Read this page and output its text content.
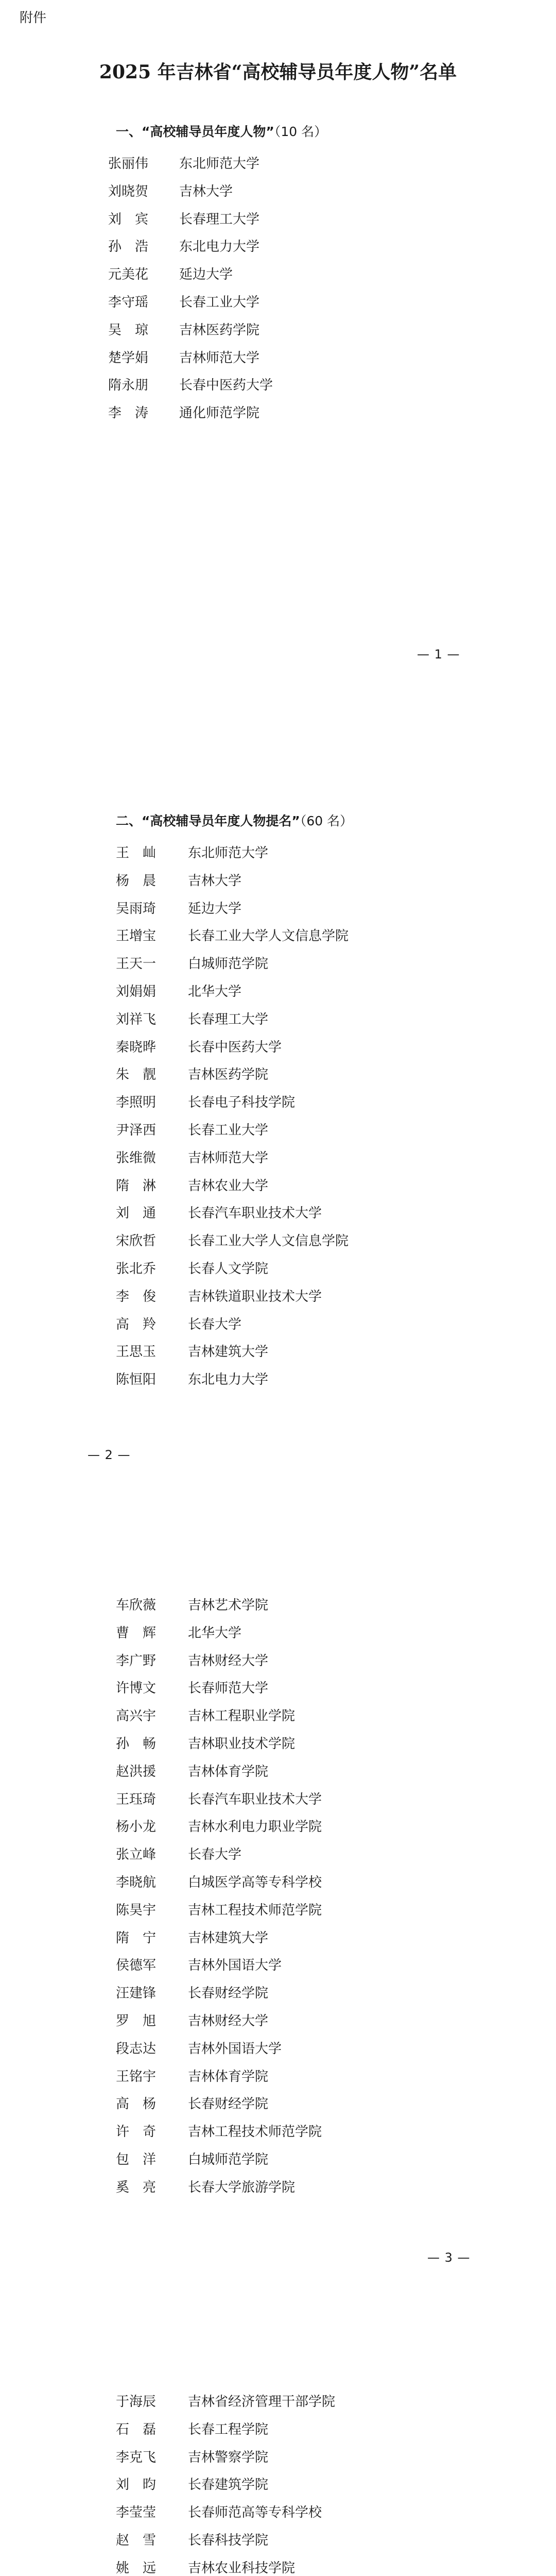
附件
2025 年吉林省“高校辅导员年度人物”名单
一、“高校辅导员年度人物”（10 名）
张丽伟 东北师范大学
刘晓贺 吉林大学
刘　宾 长春理工大学
孙　浩 东北电力大学
元美花 延边大学
李守瑶 长春工业大学
吴　琼 吉林医药学院
楚学娟 吉林师范大学
隋永朋 长春中医药大学
李　涛 通化师范学院
— 1 —
二、“高校辅导员年度人物提名”（60 名）
王　屾 东北师范大学
杨　晨 吉林大学
吴雨琦 延边大学
王增宝 长春工业大学人文信息学院
王天一 白城师范学院
刘娟娟 北华大学
刘祥飞 长春理工大学
秦晓晔 长春中医药大学
朱　靓 吉林医药学院
李照明 长春电子科技学院
尹泽西 长春工业大学
张维微 吉林师范大学
隋　淋 吉林农业大学
刘　通 长春汽车职业技术大学
宋欣哲 长春工业大学人文信息学院
张北乔 长春人文学院
李　俊 吉林铁道职业技术大学
高　羚 长春大学
王思玉 吉林建筑大学
陈恒阳 东北电力大学
— 2 —
车欣薇 吉林艺术学院
曹　辉 北华大学
李广野 吉林财经大学
许博文 长春师范大学
高兴宇 吉林工程职业学院
孙　畅 吉林职业技术学院
赵洪援 吉林体育学院
王珏琦 长春汽车职业技术大学
杨小龙 吉林水利电力职业学院
张立峰 长春大学
李晓航 白城医学高等专科学校
陈昊宇 吉林工程技术师范学院
隋　宁 吉林建筑大学
侯德军 吉林外国语大学
汪建锋 长春财经学院
罗　旭 吉林财经大学
段志达 吉林外国语大学
王铭宇 吉林体育学院
高　杨 长春财经学院
许　奇 吉林工程技术师范学院
包　洋 白城师范学院
奚　亮 长春大学旅游学院
— 3 —
于海辰 吉林省经济管理干部学院
石　磊 长春工程学院
李克飞 吉林警察学院
刘　昀 长春建筑学院
李莹莹 长春师范高等专科学校
赵　雪 长春科技学院
姚　远 吉林农业科技学院
